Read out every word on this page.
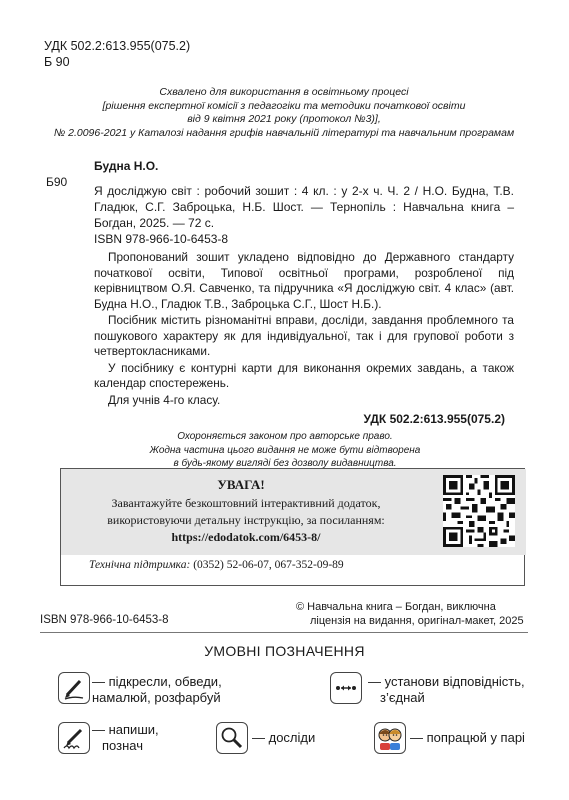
УДК 502.2:613.955(075.2)
Б 90
Схвалено для використання в освітньому процесі
[рішення експертної комісії з педагогіки та методики початкової освіти
від 9 квітня 2021 року (протокол №3)],
№ 2.0096-2021 у Каталозі надання грифів навчальній літературі та навчальним програмам
Будна Н.О.
Б90
Я досліджую світ : робочий зошит : 4 кл. : у 2-х ч. Ч. 2 / Н.О. Будна, Т.В. Гладюк, С.Г. Заброцька, Н.Б. Шост. — Тернопіль : Навчальна книга – Богдан, 2025. — 72 с.
ISBN 978-966-10-6453-8

Пропонований зошит укладено відповідно до Державного стандарту початкової освіти, Типової освітньої програми, розробленої під керівництвом О.Я. Савченко, та підручника «Я досліджую світ. 4 клас» (авт. Будна Н.О., Гладюк Т.В., Заброцька С.Г., Шост Н.Б.).

Посібник містить різноманітні вправи, досліди, завдання проблемного та пошукового характеру як для індивідуальної, так і для групової роботи з четвертокласниками.

У посібнику є контурні карти для виконання окремих завдань, а також календар спостережень.

Для учнів 4-го класу.

УДК 502.2:613.955(075.2)
Охороняється законом про авторське право.
Жодна частина цього видання не може бути відтворена
в будь-якому вигляді без дозволу видавництва.
УВАГА!
Завантажуйте безкоштовний інтерактивний додаток,
використовуючи детальну інструкцію, за посиланням:
https://edodatok.com/6453-8/
Технічна підтримка: (0352) 52-06-07, 067-352-09-89
ISBN 978-966-10-6453-8
© Навчальна книга – Богдан, виключна
ліцензія на видання, оригінал-макет, 2025
УМОВНІ ПОЗНАЧЕННЯ
— підкресли, обведи,
намалюй, розфарбуй
— установи відповідність,
з’єднай
— напиши,
познач	— досліди	— попрацюй у парі
